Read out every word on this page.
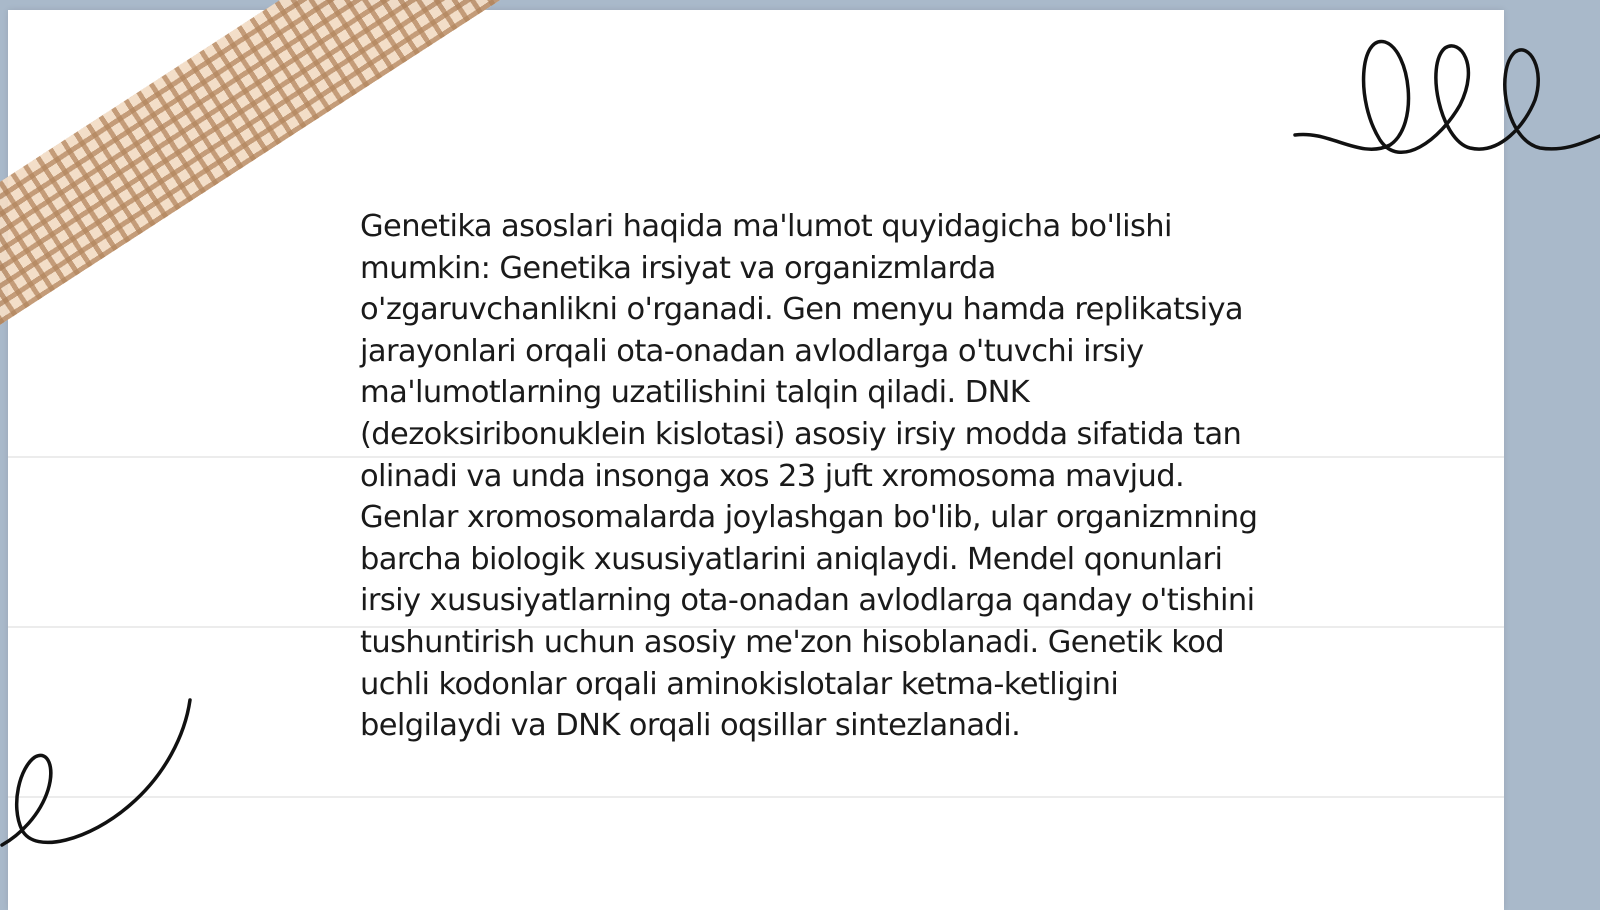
Genetika asoslari haqida ma'lumot quyidagicha bo'lishi mumkin: Genetika irsiyat va organizmlarda o'zgaruvchanlikni o'rganadi. Gen menyu hamda replikatsiya jarayonlari orqali ota-onadan avlodlarga o'tuvchi irsiy ma'lumotlarning uzatilishini talqin qiladi. DNK (dezoksiribonuklein kislotasi) asosiy irsiy modda sifatida tan olinadi va unda insonga xos 23 juft xromosoma mavjud. Genlar xromosomalarda joylashgan bo'lib, ular organizmning barcha biologik xususiyatlarini aniqlaydi. Mendel qonunlari irsiy xususiyatlarning ota-onadan avlodlarga qanday o'tishini tushuntirish uchun asosiy me'zon hisoblanadi. Genetik kod uchli kodonlar orqali aminokislotalar ketma-ketligini belgilaydi va DNK orqali oqsillar sintezlanadi.
